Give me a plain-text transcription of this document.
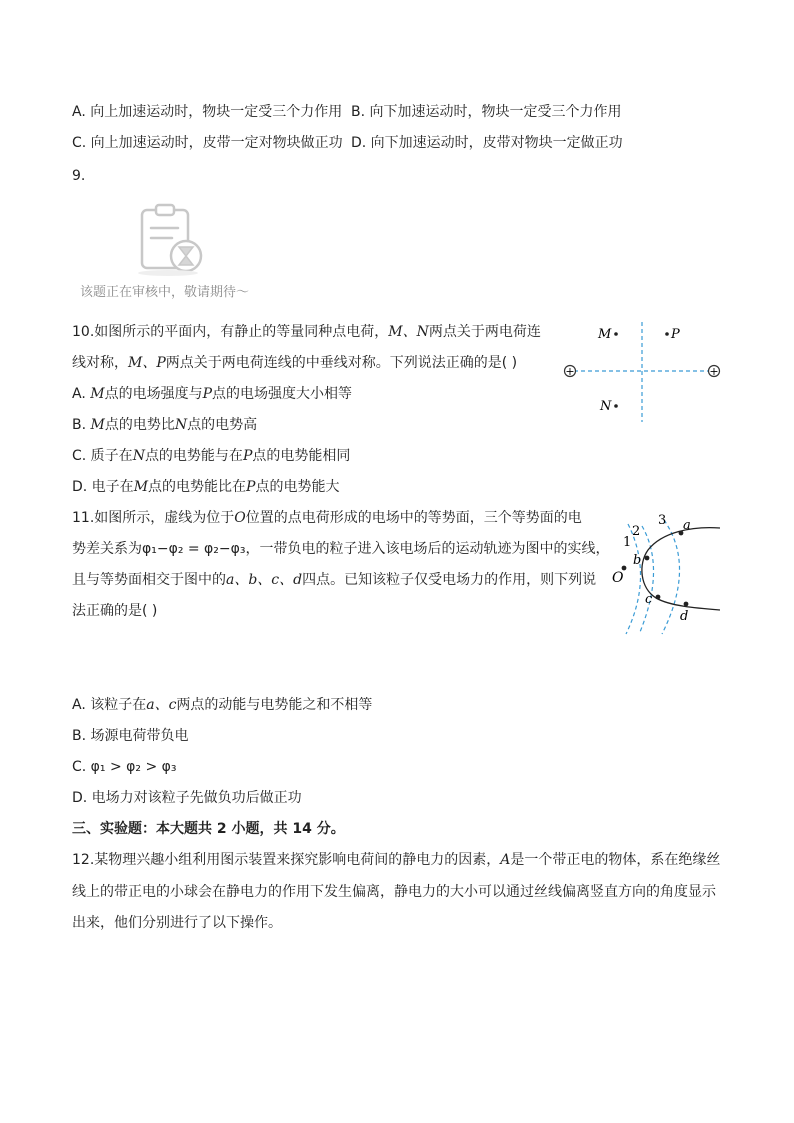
A. 向上加速运动时，物块一定受三个力作用 B. 向下加速运动时，物块一定受三个力作用
C. 向上加速运动时，皮带一定对物块做正功 D. 向下加速运动时，皮带对物块一定做正功
9.
该题正在审核中，敬请期待～
10.如图所示的平面内，有静止的等量同种点电荷，M、N两点关于两电荷连
线对称，M、P两点关于两电荷连线的中垂线对称。下列说法正确的是( )
A. M点的电场强度与P点的电场强度大小相等
B. M点的电势比N点的电势高
C. 质子在N点的电势能与在P点的电势能相同
D. 电子在M点的电势能比在P点的电势能大
+	+
M	P
N
11.如图所示，虚线为位于O位置的点电荷形成的电场中的等势面，三个等势面的电
势差关系为φ₁−φ₂ = φ₂−φ₃，一带负电的粒子进入该电场后的运动轨迹为图中的实线，
且与等势面相交于图中的a、b、c、d四点。已知该粒子仅受电场力的作用，则下列说
法正确的是( )
1
2
3 a
b
c
d
O
A. 该粒子在a、c两点的动能与电势能之和不相等
B. 场源电荷带负电
C. φ₁ > φ₂ > φ₃
D. 电场力对该粒子先做负功后做正功
三、实验题：本大题共 2 小题，共 14 分。
12.某物理兴趣小组利用图示装置来探究影响电荷间的静电力的因素，A是一个带正电的物体，系在绝缘丝
线上的带正电的小球会在静电力的作用下发生偏离，静电力的大小可以通过丝线偏离竖直方向的角度显示
出来，他们分别进行了以下操作。
